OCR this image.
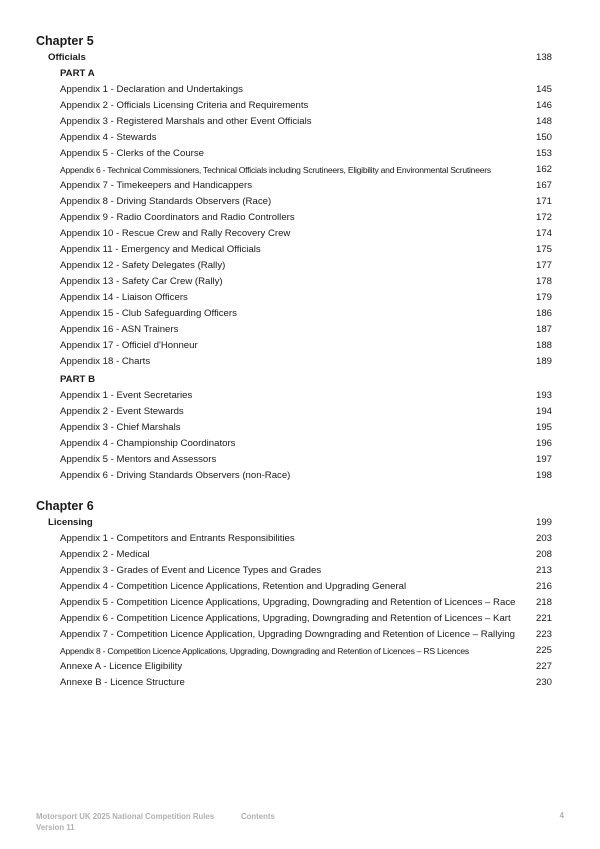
Chapter 5
Officials	138
PART A
Appendix 1 - Declaration and Undertakings	145
Appendix 2 - Officials Licensing Criteria and Requirements	146
Appendix 3 - Registered Marshals and other Event Officials	148
Appendix 4 - Stewards	150
Appendix 5 - Clerks of the Course	153
Appendix 6 - Technical Commissioners, Technical Officials including Scrutineers, Eligibility and Environmental Scrutineers	162
Appendix 7 - Timekeepers and Handicappers	167
Appendix 8 - Driving Standards Observers (Race)	171
Appendix 9 - Radio Coordinators and Radio Controllers	172
Appendix 10 - Rescue Crew and Rally Recovery Crew	174
Appendix 11 - Emergency and Medical Officials	175
Appendix 12 - Safety Delegates (Rally)	177
Appendix 13 - Safety Car Crew (Rally)	178
Appendix 14 - Liaison Officers	179
Appendix 15 - Club Safeguarding Officers	186
Appendix 16 - ASN Trainers	187
Appendix 17 - Officiel d'Honneur	188
Appendix 18 - Charts	189
PART B
Appendix 1 - Event Secretaries	193
Appendix 2 - Event Stewards	194
Appendix 3 - Chief Marshals	195
Appendix 4 - Championship Coordinators	196
Appendix 5 - Mentors and Assessors	197
Appendix 6 - Driving Standards Observers (non-Race)	198
Chapter 6
Licensing	199
Appendix 1 - Competitors and Entrants Responsibilities	203
Appendix 2 - Medical	208
Appendix 3 - Grades of Event and Licence Types and Grades	213
Appendix 4 - Competition Licence Applications, Retention and Upgrading General	216
Appendix 5 - Competition Licence Applications, Upgrading, Downgrading and Retention of Licences – Race 218
Appendix 6 - Competition Licence Applications, Upgrading, Downgrading and Retention of Licences – Kart	221
Appendix 7 - Competition Licence Application, Upgrading Downgrading and Retention of Licence – Rallying 223
Appendix 8 - Competition Licence Applications, Upgrading, Downgrading and Retention of Licences – RS Licences	225
Annexe A - Licence Eligibility	227
Annexe B - Licence Structure	230
Motorsport UK 2025 National Competition Rules	Contents
Version 11
4
